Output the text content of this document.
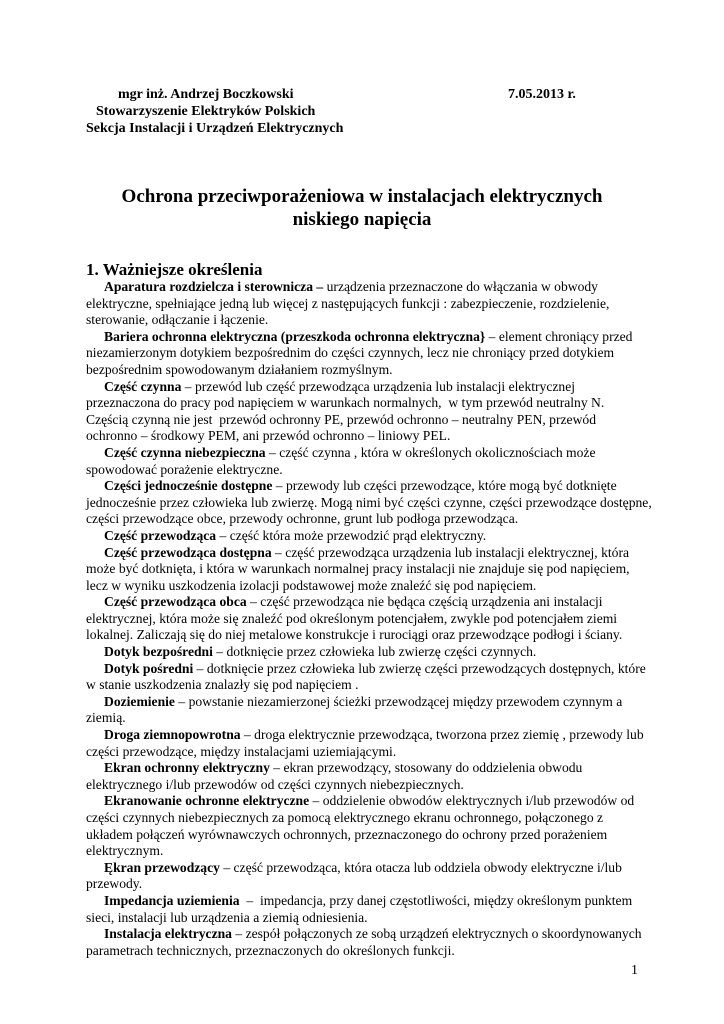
mgr inż. Andrzej Boczkowski	7.05.2013 r.
Stowarzyszenie Elektryków Polskich
Sekcja Instalacji i Urządzeń Elektrycznych
Ochrona przeciwporażeniowa w instalacjach elektrycznych
niskiego napięcia
1. Ważniejsze określenia
Aparatura rozdzielcza i sterownicza – urządzenia przeznaczone do włączania w obwody
elektryczne, spełniające jedną lub więcej z następujących funkcji : zabezpieczenie, rozdzielenie,
sterowanie, odłączanie i łączenie.
Bariera ochronna elektryczna (przeszkoda ochronna elektryczna} – element chroniący przed
niezamierzonym dotykiem bezpośrednim do części czynnych, lecz nie chroniący przed dotykiem
bezpośrednim spowodowanym działaniem rozmyślnym.
Część czynna – przewód lub część przewodząca urządzenia lub instalacji elektrycznej
przeznaczona do pracy pod napięciem w warunkach normalnych,  w tym przewód neutralny N.
Częścią czynną nie jest  przewód ochronny PE, przewód ochronno – neutralny PEN, przewód
ochronno – środkowy PEM, ani przewód ochronno – liniowy PEL.
Część czynna niebezpieczna – część czynna , która w określonych okolicznościach może
spowodować porażenie elektryczne.
Części jednocześnie dostępne – przewody lub części przewodzące, które mogą być dotknięte
jednocześnie przez człowieka lub zwierzę. Mogą nimi być części czynne, części przewodzące dostępne,
części przewodzące obce, przewody ochronne, grunt lub podłoga przewodząca.
Część przewodząca – część która może przewodzić prąd elektryczny.
Część przewodząca dostępna – część przewodząca urządzenia lub instalacji elektrycznej, która
może być dotknięta, i która w warunkach normalnej pracy instalacji nie znajduje się pod napięciem,
lecz w wyniku uszkodzenia izolacji podstawowej może znaleźć się pod napięciem.
Część przewodząca obca – część przewodząca nie będąca częścią urządzenia ani instalacji
elektrycznej, która może się znaleźć pod określonym potencjałem, zwykle pod potencjałem ziemi
lokalnej. Zaliczają się do niej metalowe konstrukcje i rurociągi oraz przewodzące podłogi i ściany.
Dotyk bezpośredni – dotknięcie przez człowieka lub zwierzę części czynnych.
Dotyk pośredni – dotknięcie przez człowieka lub zwierzę części przewodzących dostępnych, które
w stanie uszkodzenia znalazły się pod napięciem .
Doziemienie – powstanie niezamierzonej ścieżki przewodzącej między przewodem czynnym a
ziemią.
Droga ziemnopowrotna – droga elektrycznie przewodząca, tworzona przez ziemię , przewody lub
części przewodzące, między instalacjami uziemiającymi.
Ekran ochronny elektryczny – ekran przewodzący, stosowany do oddzielenia obwodu
elektrycznego i/lub przewodów od części czynnych niebezpiecznych.
Ekranowanie ochronne elektryczne – oddzielenie obwodów elektrycznych i/lub przewodów od
części czynnych niebezpiecznych za pomocą elektrycznego ekranu ochronnego, połączonego z
układem połączeń wyrównawczych ochronnych, przeznaczonego do ochrony przed porażeniem
elektrycznym.
Ękran przewodzący – część przewodząca, która otacza lub oddziela obwody elektryczne i/lub
przewody.
Impedancja uziemienia  –  impedancja, przy danej częstotliwości, między określonym punktem
sieci, instalacji lub urządzenia a ziemią odniesienia.
Instalacja elektryczna – zespół połączonych ze sobą urządzeń elektrycznych o skoordynowanych
parametrach technicznych, przeznaczonych do określonych funkcji.
1
